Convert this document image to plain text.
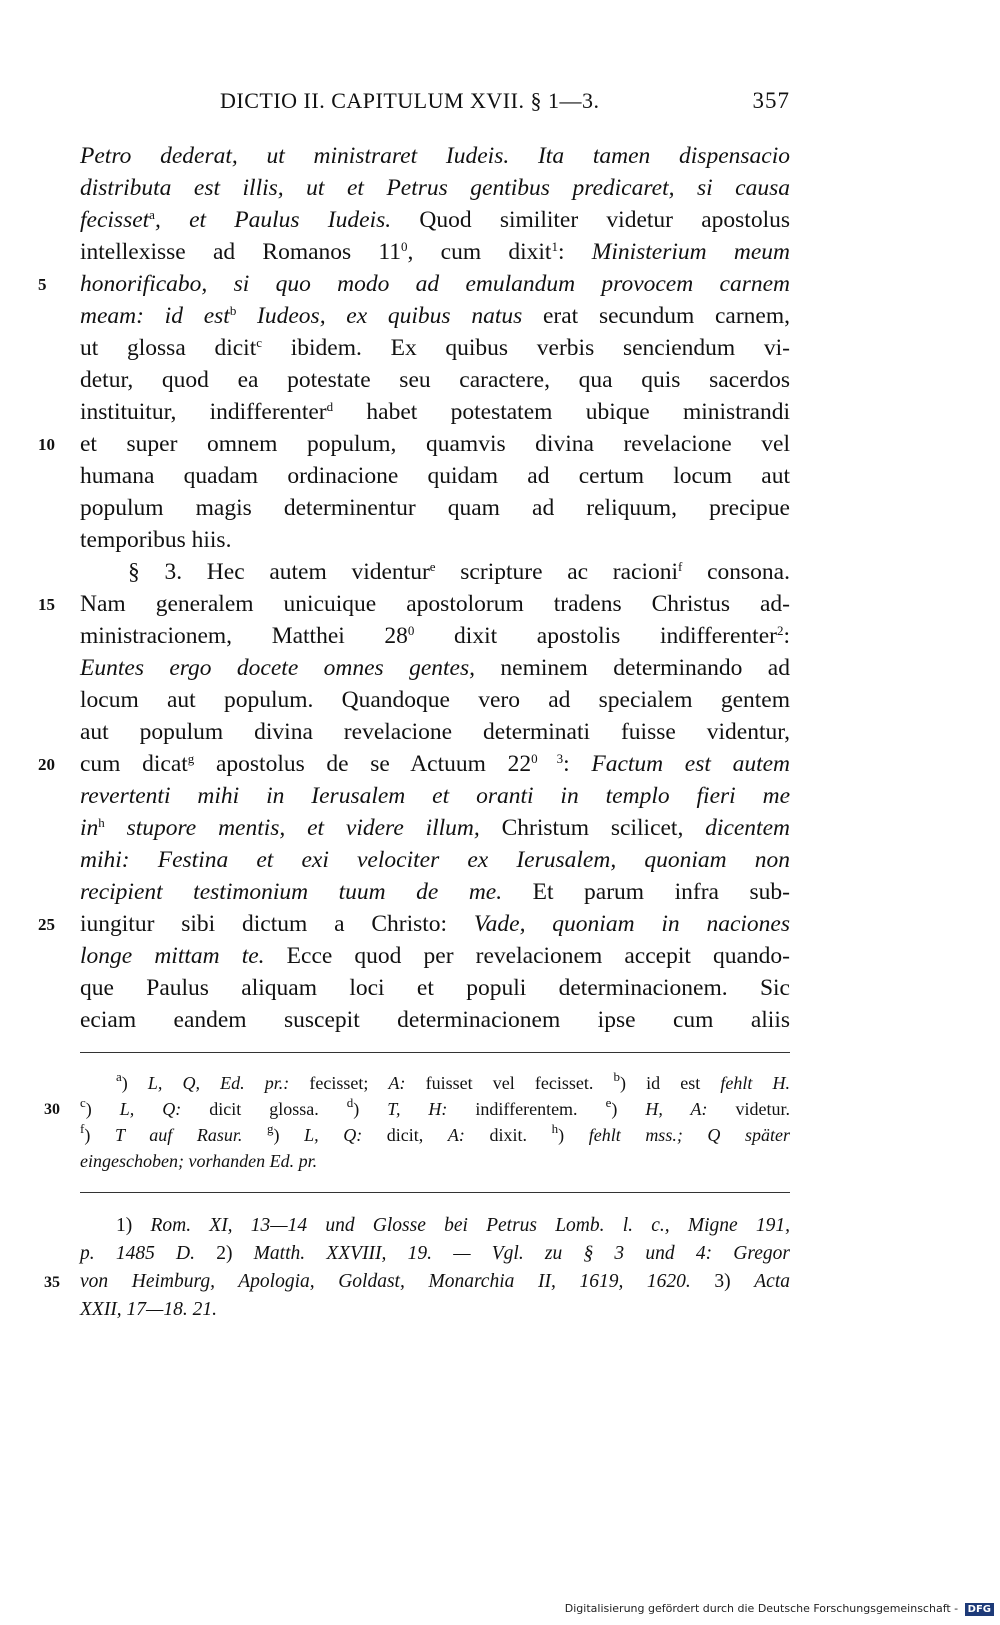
DICTIO II. CAPITULUM XVII. § 1—3.	357
Petro dederat, ut ministraret Iudeis. Ita tamen dispensacio
distributa est illis, ut et Petrus gentibus predicaret, si causa
fecisset$^a$, et Paulus Iudeis. Quod similiter videtur apostolus
intellexisse ad Romanos $11^0$, cum dixit$^1$: Ministerium meum
honorificabo, si quo modo ad emulandum provocem carnem
meam: id est$^b$ Iudeos, ex quibus natus erat secundum carnem,
ut glossa dicit$^c$ ibidem. Ex quibus verbis senciendum vi-
detur, quod ea potestate seu caractere, qua quis sacerdos
instituitur, indifferenter$^d$ habet potestatem ubique ministrandi
et super omnem populum, quamvis divina revelacione vel
humana quadam ordinacione quidam ad certum locum aut
populum magis determinentur quam ad reliquum, precipue
temporibus hiis.
§ 3. Hec autem videntur$^e$ scripture ac racioni$^f$ consona.
Nam generalem unicuique apostolorum tradens Christus ad-
ministracionem, Matthei $28^0$ dixit apostolis indifferenter$^2$:
Euntes ergo docete omnes gentes, neminem determinando ad
locum aut populum. Quandoque vero ad specialem gentem
aut populum divina revelacione determinati fuisse videntur,
cum dicat$^g$ apostolus de se Actuum $22^{0 3}$: Factum est autem
revertenti mihi in Ierusalem et oranti in templo fieri me
$in^h$ stupore mentis, et videre illum, Christum scilicet, dicentem
mihi: Festina et exi velociter ex Ierusalem, quoniam non
recipient testimonium tuum de me. Et parum infra sub-
iungitur sibi dictum a Christo: Vade, quoniam in naciones
longe mittam te. Ecce quod per revelacionem accepit quando-
que Paulus aliquam loci et populi determinacionem. Sic
eciam eandem suscepit determinacionem ipse cum aliis
5
10
15
20
25
$^a$) L, Q, Ed. pr.: fecisset; A: fuisset vel fecisset. $^b$) id est fehlt H.
$^c$) L, Q: dicit glossa. $^d$) T, H: indifferentem. $^e$) H, A: videtur.
$^f$) T auf Rasur. $^g$) L, Q: dicit, A: dixit. $^h$) fehlt mss.; Q später
eingeschoben; vorhanden Ed. pr.
30
1) Rom. XI, 13—14 und Glosse bei Petrus Lomb. l. c., Migne 191,
p. 1485 D. 2) Matth. XXVIII, 19. — Vgl. zu § 3 und 4: Gregor
von Heimburg, Apologia, Goldast, Monarchia II, 1619, 1620. 3) Acta
XXII, 17—18. 21.
35
Digitalisierung gefördert durch die Deutsche Forschungsgemeinschaft - DFG
